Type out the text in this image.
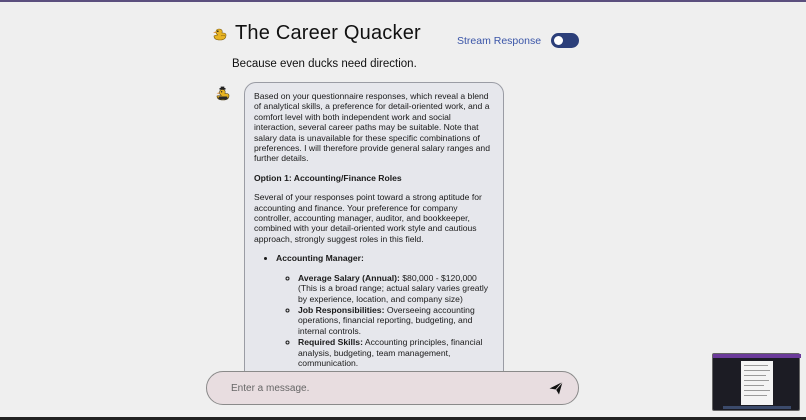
The Career Quacker
Because even ducks need direction.
Stream Response

Based on your questionnaire responses, which reveal a blend of analytical skills, a preference for detail-oriented work, and a comfort level with both independent work and social interaction, several career paths may be suitable. Note that salary data is unavailable for these specific combinations of preferences. I will therefore provide general salary ranges and further details.

Option 1: Accounting/Finance Roles

Several of your responses point toward a strong aptitude for accounting and finance. Your preference for company controller, accounting manager, auditor, and bookkeeper, combined with your detail-oriented work style and cautious approach, strongly suggest roles in this field.

• Accounting Manager:
◦ Average Salary (Annual): $80,000 - $120,000 (This is a broad range; actual salary varies greatly by experience, location, and company size)
◦ Job Responsibilities: Overseeing accounting operations, financial reporting, budgeting, and internal controls.
◦ Required Skills: Accounting principles, financial analysis, budgeting, team management, communication.
◦
Enter a message.
